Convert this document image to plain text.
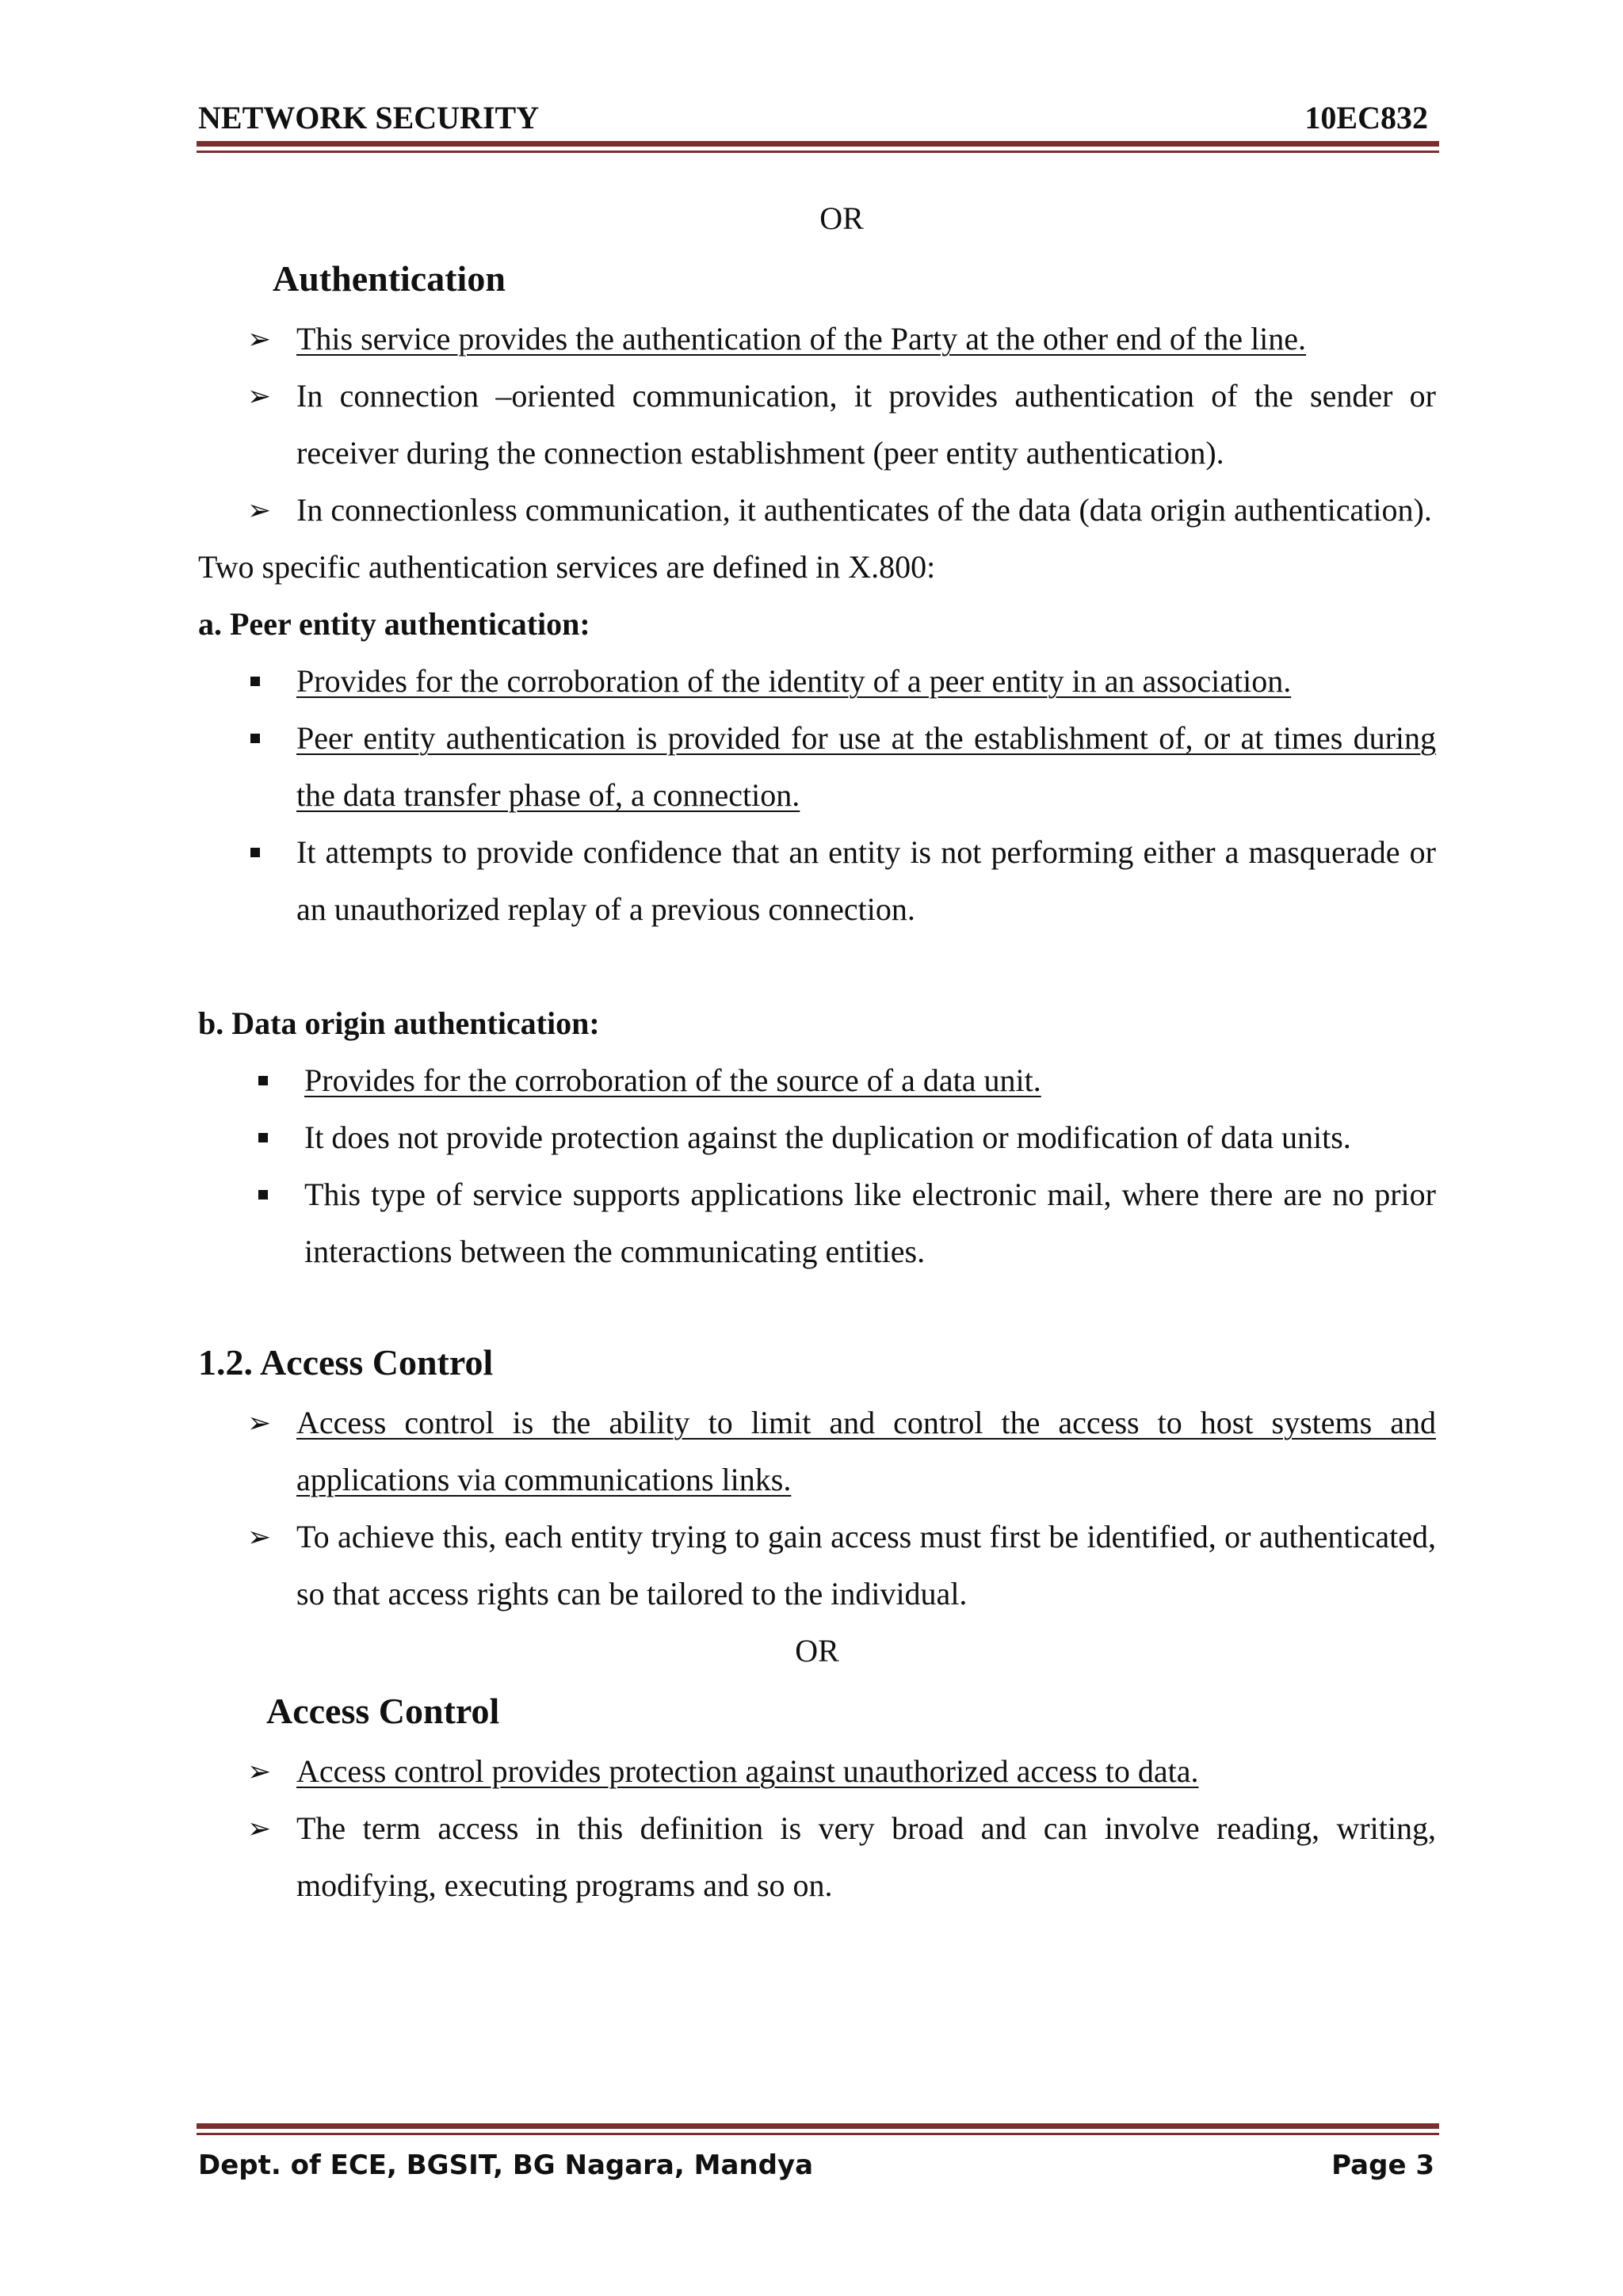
NETWORK SECURITY	10EC832
OR
Authentication
➢ This service provides the authentication of the Party at the other end of the line.
➢ In connection –oriented communication, it provides authentication of the sender or receiver during the connection establishment (peer entity authentication).
➢ In connectionless communication, it authenticates of the data (data origin authentication).
Two specific authentication services are defined in X.800:
a. Peer entity authentication:
Provides for the corroboration of the identity of a peer entity in an association.
Peer entity authentication is provided for use at the establishment of, or at times during the data transfer phase of, a connection.
It attempts to provide confidence that an entity is not performing either a masquerade or an unauthorized replay of a previous connection.
b. Data origin authentication:
Provides for the corroboration of the source of a data unit.
It does not provide protection against the duplication or modification of data units.
This type of service supports applications like electronic mail, where there are no prior interactions between the communicating entities.
1.2. Access Control
➢ Access control is the ability to limit and control the access to host systems and applications via communications links.
➢ To achieve this, each entity trying to gain access must first be identified, or authenticated, so that access rights can be tailored to the individual.
OR
Access Control
➢ Access control provides protection against unauthorized access to data.
➢ The term access in this definition is very broad and can involve reading, writing, modifying, executing programs and so on.
Dept. of ECE, BGSIT, BG Nagara, Mandya	Page 3
